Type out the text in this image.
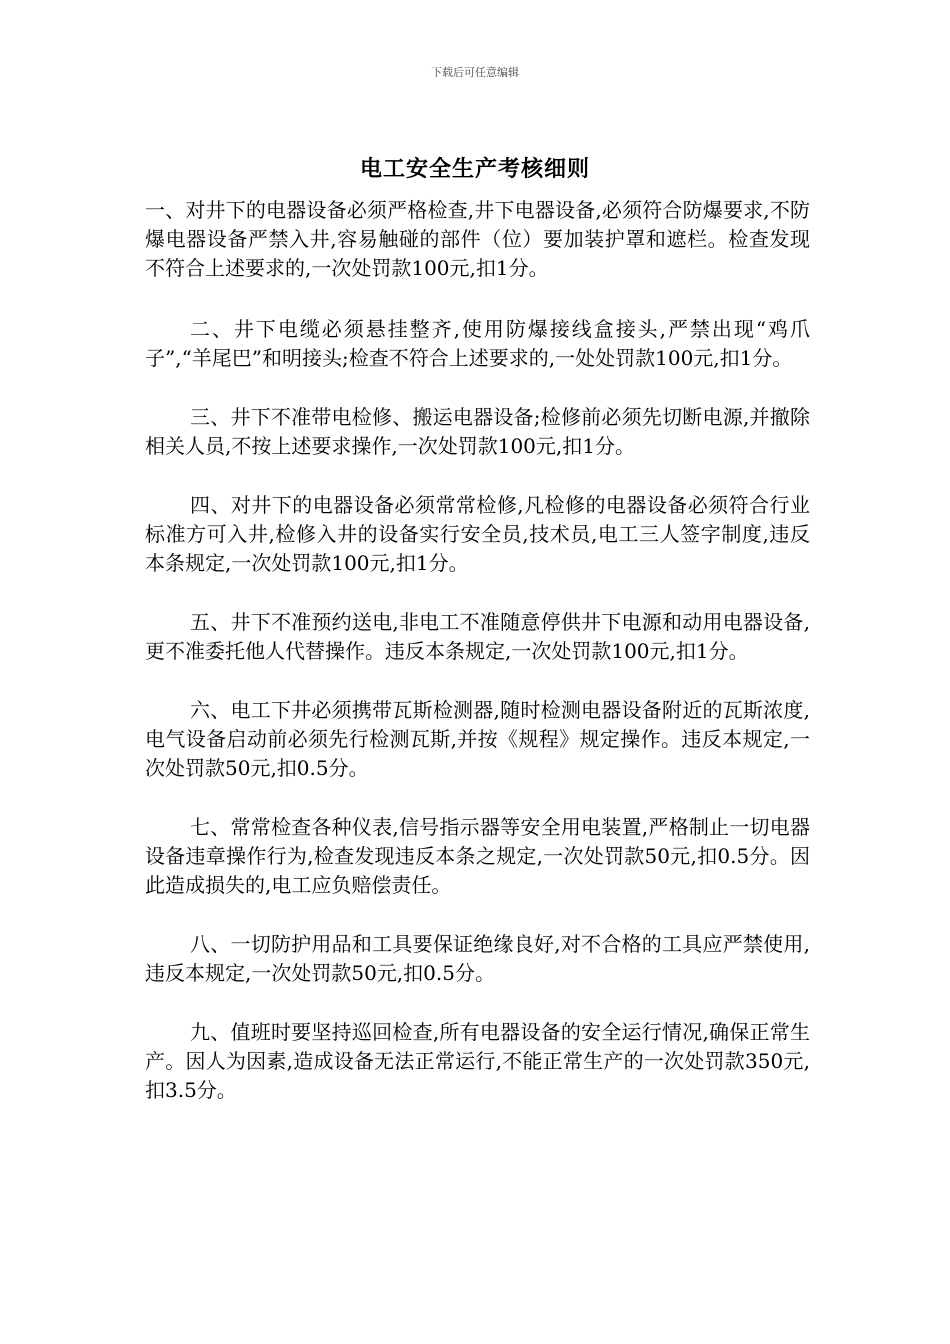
下载后可任意编辑
电工安全生产考核细则

一、对井下的电器设备必须严格检查,井下电器设备,必须符合防爆要求,不防爆电器设备严禁入井,容易触碰的部件（位）要加装护罩和遮栏。检查发现不符合上述要求的,一次处罚款100元,扣1分。

二、井下电缆必须悬挂整齐,使用防爆接线盒接头,严禁出现“鸡爪子”,“羊尾巴”和明接头;检查不符合上述要求的,一处处罚款100元,扣1分。

三、井下不准带电检修、搬运电器设备;检修前必须先切断电源,并撤除相关人员,不按上述要求操作,一次处罚款100元,扣1分。

四、对井下的电器设备必须常常检修,凡检修的电器设备必须符合行业标准方可入井,检修入井的设备实行安全员,技术员,电工三人签字制度,违反本条规定,一次处罚款100元,扣1分。

五、井下不准预约送电,非电工不准随意停供井下电源和动用电器设备,更不准委托他人代替操作。违反本条规定,一次处罚款100元,扣1分。

六、电工下井必须携带瓦斯检测器,随时检测电器设备附近的瓦斯浓度,电气设备启动前必须先行检测瓦斯,并按《规程》规定操作。违反本规定,一次处罚款50元,扣0.5分。

七、常常检查各种仪表,信号指示器等安全用电装置,严格制止一切电器设备违章操作行为,检查发现违反本条之规定,一次处罚款50元,扣0.5分。因此造成损失的,电工应负赔偿责任。

八、一切防护用品和工具要保证绝缘良好,对不合格的工具应严禁使用,违反本规定,一次处罚款50元,扣0.5分。

九、值班时要坚持巡回检查,所有电器设备的安全运行情况,确保正常生产。因人为因素,造成设备无法正常运行,不能正常生产的一次处罚款350元,扣3.5分。
